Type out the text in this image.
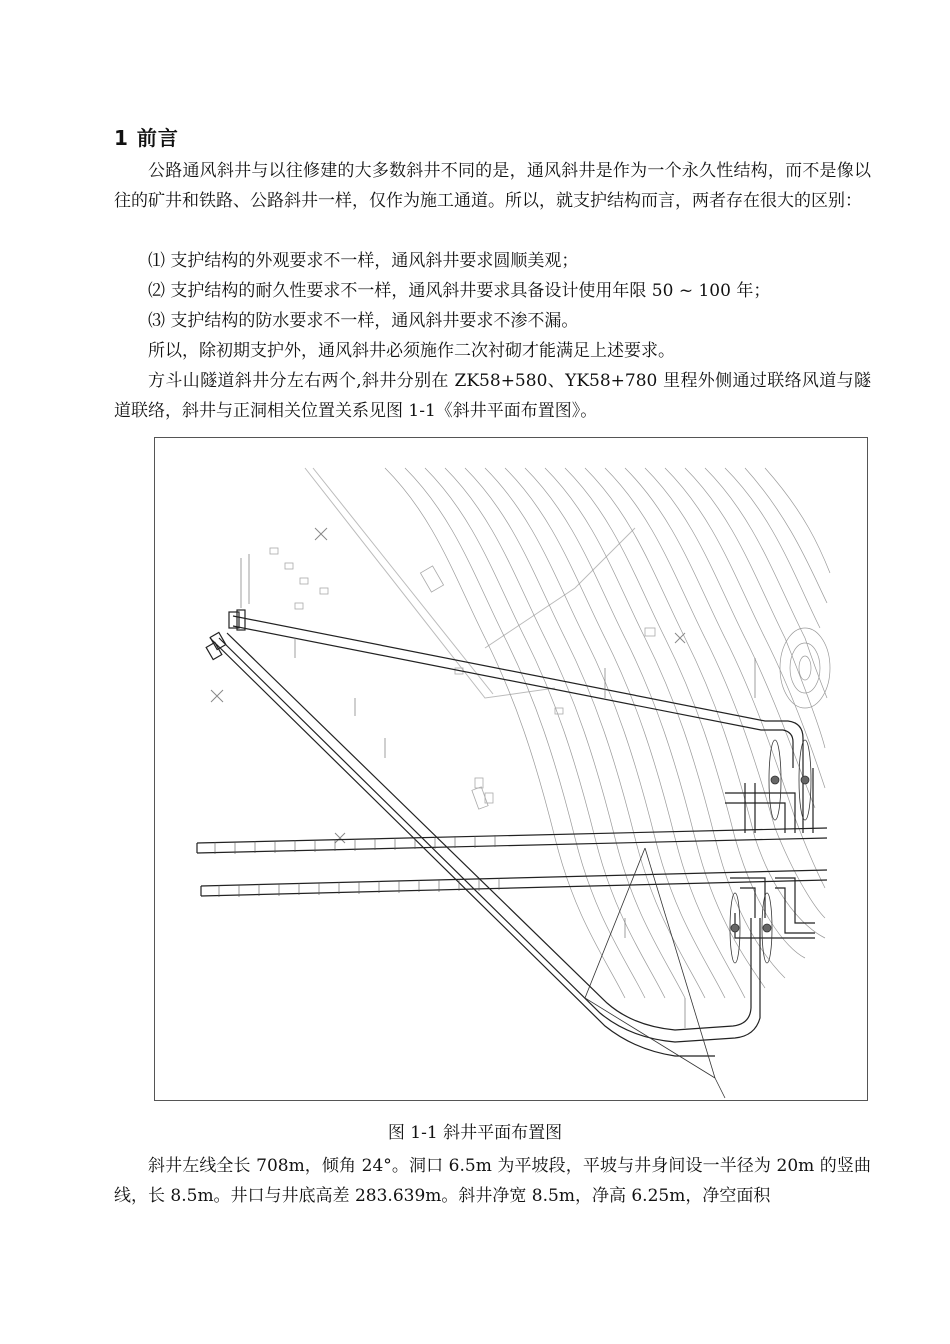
1 前言
公路通风斜井与以往修建的大多数斜井不同的是，通风斜井是作为一个永久性结构，而不是像以往的矿井和铁路、公路斜井一样，仅作为施工通道。所以，就支护结构而言，两者存在很大的区别：
⑴ 支护结构的外观要求不一样，通风斜井要求圆顺美观；
⑵ 支护结构的耐久性要求不一样，通风斜井要求具备设计使用年限 50 ~ 100 年；
⑶ 支护结构的防水要求不一样，通风斜井要求不渗不漏。
所以，除初期支护外，通风斜井必须施作二次衬砌才能满足上述要求。
方斗山隧道斜井分左右两个,斜井分别在 ZK58+580、YK58+780 里程外侧通过联络风道与隧道联络，斜井与正洞相关位置关系见图 1-1《斜井平面布置图》。
图 1-1 斜井平面布置图
斜井左线全长 708m，倾角 24°。洞口 6.5m 为平坡段，平坡与井身间设一半径为 20m 的竖曲线，长 8.5m。井口与井底高差 283.639m。斜井净宽 8.5m，净高 6.25m，净空面积
